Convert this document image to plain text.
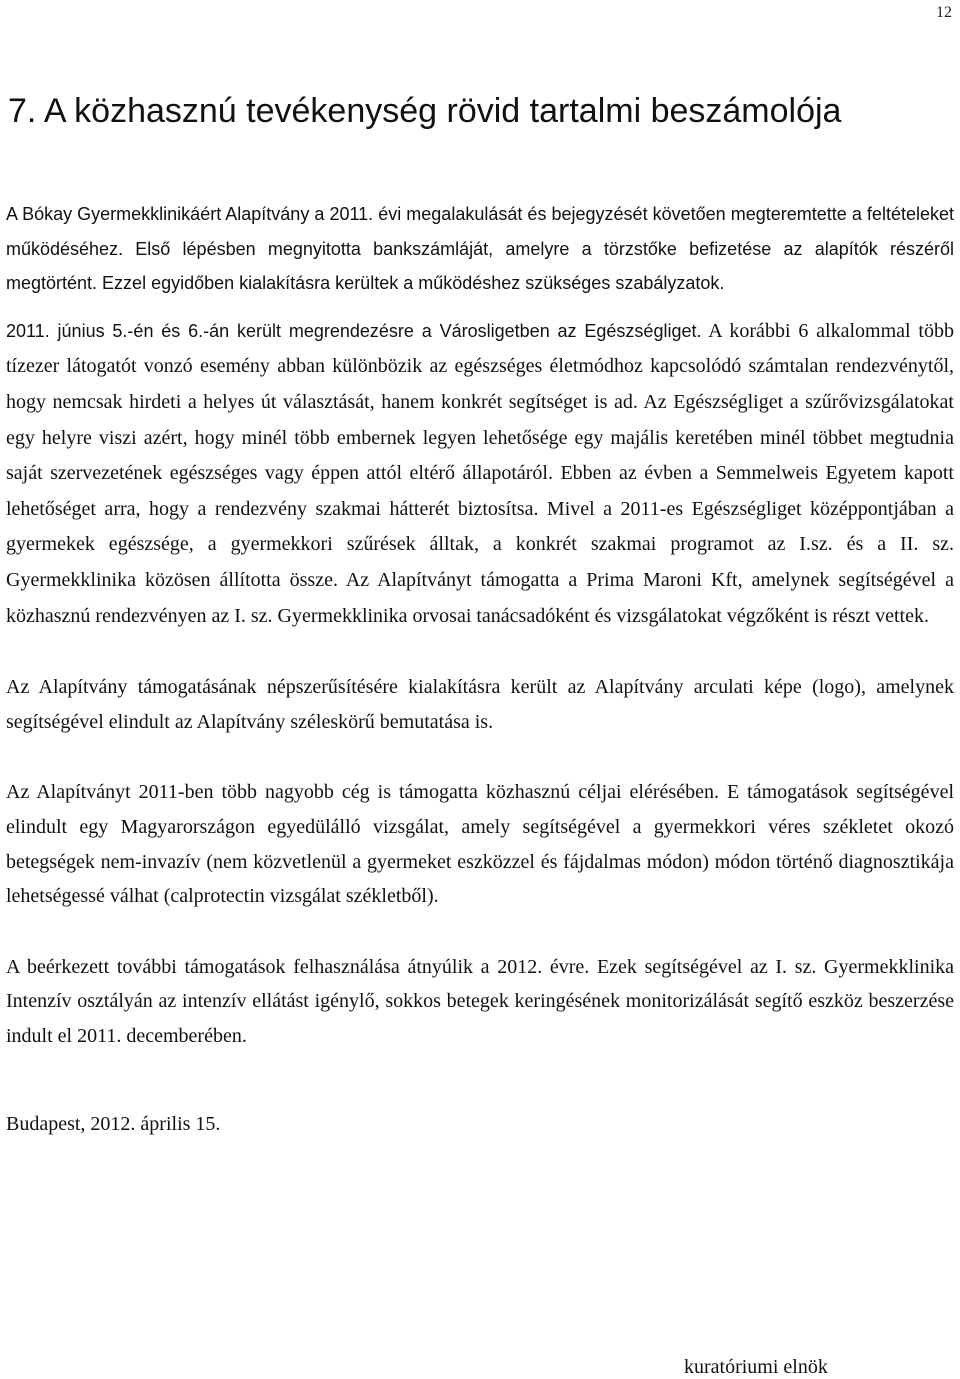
12
7. A közhasznú tevékenység rövid tartalmi beszámolója

A Bókay Gyermekklinikáért Alapítvány a 2011. évi megalakulását és bejegyzését követően megteremtette a feltételeket működéséhez. Első lépésben megnyitotta bankszámláját, amelyre a törzstőke befizetése az alapítók részéről megtörtént. Ezzel egyidőben kialakításra kerültek a működéshez szükséges szabályzatok.

2011. június 5.-én és 6.-án került megrendezésre a Városligetben az Egészségliget. A korábbi 6 alkalommal több tízezer látogatót vonzó esemény abban különbözik az egészséges életmódhoz kapcsolódó számtalan rendezvénytől, hogy nemcsak hirdeti a helyes út választását, hanem konkrét segítséget is ad. Az Egészségliget a szűrővizsgálatokat egy helyre viszi azért, hogy minél több embernek legyen lehetősége egy majális keretében minél többet megtudnia saját szervezetének egészséges vagy éppen attól eltérő állapotáról. Ebben az évben a Semmelweis Egyetem kapott lehetőséget arra, hogy a rendezvény szakmai hátterét biztosítsa. Mivel a 2011-es Egészségliget középpontjában a gyermekek egészsége, a gyermekkori szűrések álltak, a konkrét szakmai programot az I.sz. és a II. sz. Gyermekklinika közösen állította össze. Az Alapítványt támogatta a Prima Maroni Kft, amelynek segítségével a közhasznú rendezvényen az I. sz. Gyermekklinika orvosai tanácsadóként és vizsgálatokat végzőként is részt vettek.

Az Alapítvány támogatásának népszerűsítésére kialakításra került az Alapítvány arculati képe (logo), amelynek segítségével elindult az Alapítvány széleskörű bemutatása is.

Az Alapítványt 2011-ben több nagyobb cég is támogatta közhasznú céljai elérésében. E támogatások segítségével elindult egy Magyarországon egyedülálló vizsgálat, amely segítségével a gyermekkori véres székletet okozó betegségek nem-invazív (nem közvetlenül a gyermeket eszközzel és fájdalmas módon) módon történő diagnosztikája lehetségessé válhat (calprotectin vizsgálat székletből).

A beérkezett további támogatások felhasználása átnyúlik a 2012. évre. Ezek segítségével az I. sz. Gyermekklinika Intenzív osztályán az intenzív ellátást igénylő, sokkos betegek keringésének monitorizálását segítő eszköz beszerzése indult el 2011. decemberében.

Budapest, 2012. április 15.

kuratóriumi elnök
